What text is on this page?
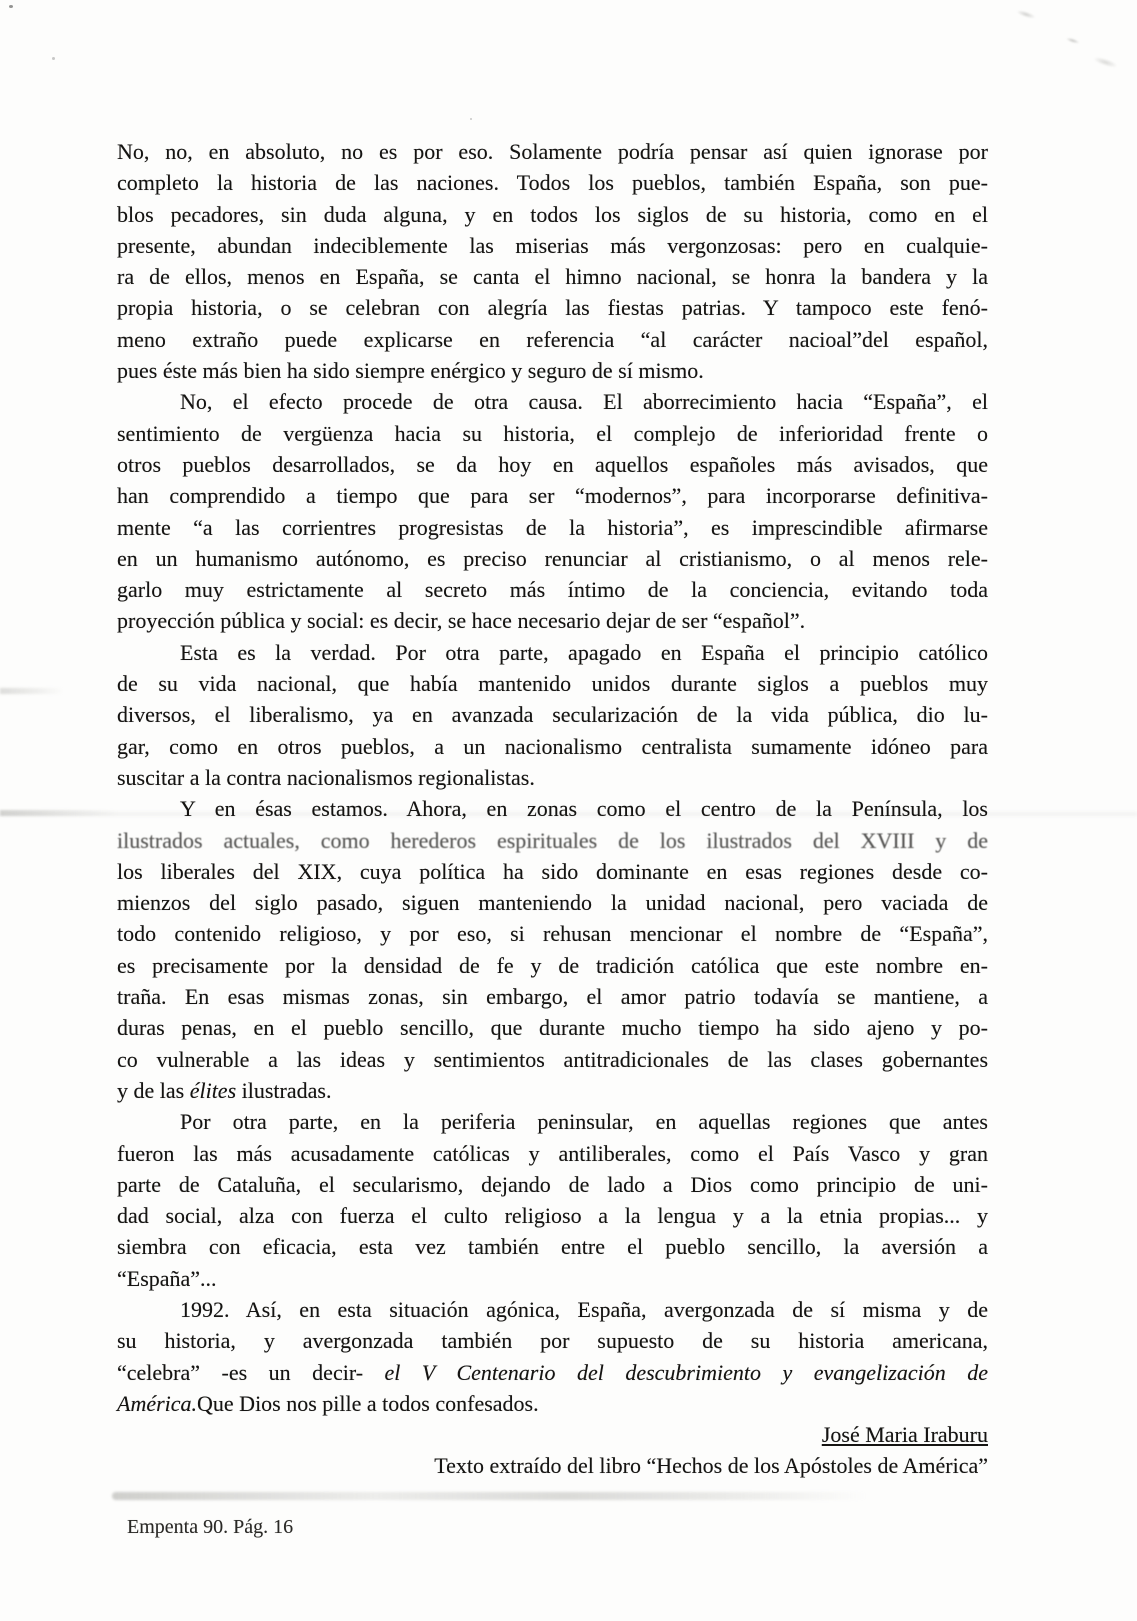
No, no, en absoluto, no es por eso. Solamente podría pensar así quien ignorase por
completo la historia de las naciones. Todos los pueblos, también España, son pue-
blos pecadores, sin duda alguna, y en todos los siglos de su historia, como en el
presente, abundan indeciblemente las miserias más vergonzosas: pero en cualquie-
ra de ellos, menos en España, se canta el himno nacional, se honra la bandera y la
propia historia, o se celebran con alegría las fiestas patrias. Y tampoco este fenó-
meno extraño puede explicarse en referencia “al carácter nacioal”del español,
pues éste más bien ha sido siempre enérgico y seguro de sí mismo.
No, el efecto procede de otra causa. El aborrecimiento hacia “España”, el
sentimiento de vergüenza hacia su historia, el complejo de inferioridad frente o
otros pueblos desarrollados, se da hoy en aquellos españoles más avisados, que
han comprendido a tiempo que para ser “modernos”, para incorporarse definitiva-
mente “a las corrientres progresistas de la historia”, es imprescindible afirmarse
en un humanismo autónomo, es preciso renunciar al cristianismo, o al menos rele-
garlo muy estrictamente al secreto más íntimo de la conciencia, evitando toda
proyección pública y social: es decir, se hace necesario dejar de ser “español”.
Esta es la verdad. Por otra parte, apagado en España el principio católico
de su vida nacional, que había mantenido unidos durante siglos a pueblos muy
diversos, el liberalismo, ya en avanzada secularización de la vida pública, dio lu-
gar, como en otros pueblos, a un nacionalismo centralista sumamente idóneo para
suscitar a la contra nacionalismos regionalistas.
Y en ésas estamos. Ahora, en zonas como el centro de la Península, los
ilustrados actuales, como herederos espirituales de los ilustrados del XVIII y de
los liberales del XIX, cuya política ha sido dominante en esas regiones desde co-
mienzos del siglo pasado, siguen manteniendo la unidad nacional, pero vaciada de
todo contenido religioso, y por eso, si rehusan mencionar el nombre de “España”,
es precisamente por la densidad de fe y de tradición católica que este nombre en-
traña. En esas mismas zonas, sin embargo, el amor patrio todavía se mantiene, a
duras penas, en el pueblo sencillo, que durante mucho tiempo ha sido ajeno y po-
co vulnerable a las ideas y sentimientos antitradicionales de las clases gobernantes
y de las élites ilustradas.
Por otra parte, en la periferia peninsular, en aquellas regiones que antes
fueron las más acusadamente católicas y antiliberales, como el País Vasco y gran
parte de Cataluña, el secularismo, dejando de lado a Dios como principio de uni-
dad social, alza con fuerza el culto religioso a la lengua y a la etnia propias... y
siembra con eficacia, esta vez también entre el pueblo sencillo, la aversión a
“España”...
1992. Así, en esta situación agónica, España, avergonzada de sí misma y de
su historia, y avergonzada también por supuesto de su historia americana,
“celebra” -es un decir- el V Centenario del descubrimiento y evangelización de
América.Que Dios nos pille a todos confesados.
José Maria Iraburu
Texto extraído del libro “Hechos de los Apóstoles de América”
Empenta 90. Pág. 16
